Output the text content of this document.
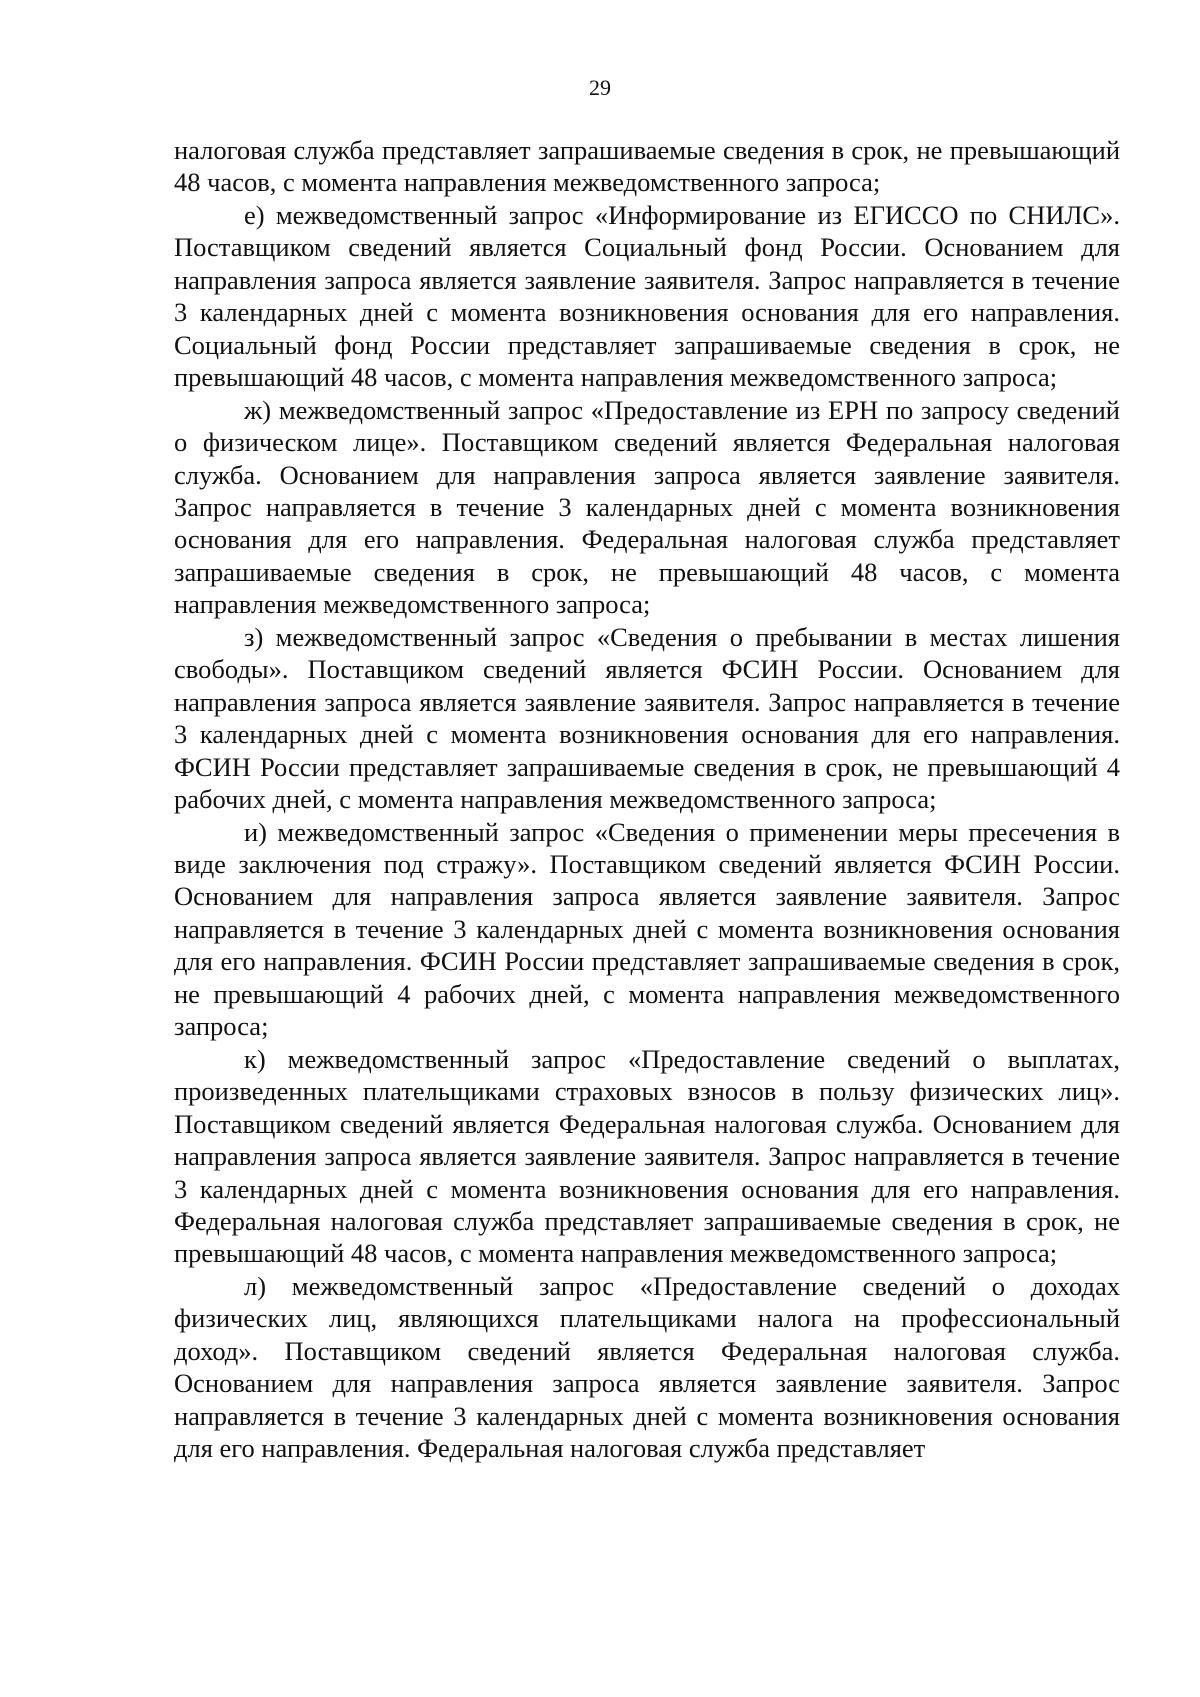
29

налоговая служба представляет запрашиваемые сведения в срок, не превышающий 48 часов, с момента направления межведомственного запроса;

е) межведомственный запрос «Информирование из ЕГИССО по СНИЛС». Поставщиком сведений является Социальный фонд России. Основанием для направления запроса является заявление заявителя. Запрос направляется в течение 3 календарных дней с момента возникновения основания для его направления. Социальный фонд России представляет запрашиваемые сведения в срок, не превышающий 48 часов, с момента направления межведомственного запроса;

ж) межведомственный запрос «Предоставление из ЕРН по запросу сведений о физическом лице». Поставщиком сведений является Федеральная налоговая служба. Основанием для направления запроса является заявление заявителя. Запрос направляется в течение 3 календарных дней с момента возникновения основания для его направления. Федеральная налоговая служба представляет запрашиваемые сведения в срок, не превышающий 48 часов, с момента направления межведомственного запроса;

з) межведомственный запрос «Сведения о пребывании в местах лишения свободы». Поставщиком сведений является ФСИН России. Основанием для направления запроса является заявление заявителя. Запрос направляется в течение 3 календарных дней с момента возникновения основания для его направления. ФСИН России представляет запрашиваемые сведения в срок, не превышающий 4 рабочих дней, с момента направления межведомственного запроса;

и) межведомственный запрос «Сведения о применении меры пресечения в виде заключения под стражу». Поставщиком сведений является ФСИН России. Основанием для направления запроса является заявление заявителя. Запрос направляется в течение 3 календарных дней с момента возникновения основания для его направления. ФСИН России представляет запрашиваемые сведения в срок, не превышающий 4 рабочих дней, с момента направления межведомственного запроса;

к) межведомственный запрос «Предоставление сведений о выплатах, произведенных плательщиками страховых взносов в пользу физических лиц». Поставщиком сведений является Федеральная налоговая служба. Основанием для направления запроса является заявление заявителя. Запрос направляется в течение 3 календарных дней с момента возникновения основания для его направления. Федеральная налоговая служба представляет запрашиваемые сведения в срок, не превышающий 48 часов, с момента направления межведомственного запроса;

л) межведомственный запрос «Предоставление сведений о доходах физических лиц, являющихся плательщиками налога на профессиональный доход». Поставщиком сведений является Федеральная налоговая служба. Основанием для направления запроса является заявление заявителя. Запрос направляется в течение 3 календарных дней с момента возникновения основания для его направления. Федеральная налоговая служба представляет
